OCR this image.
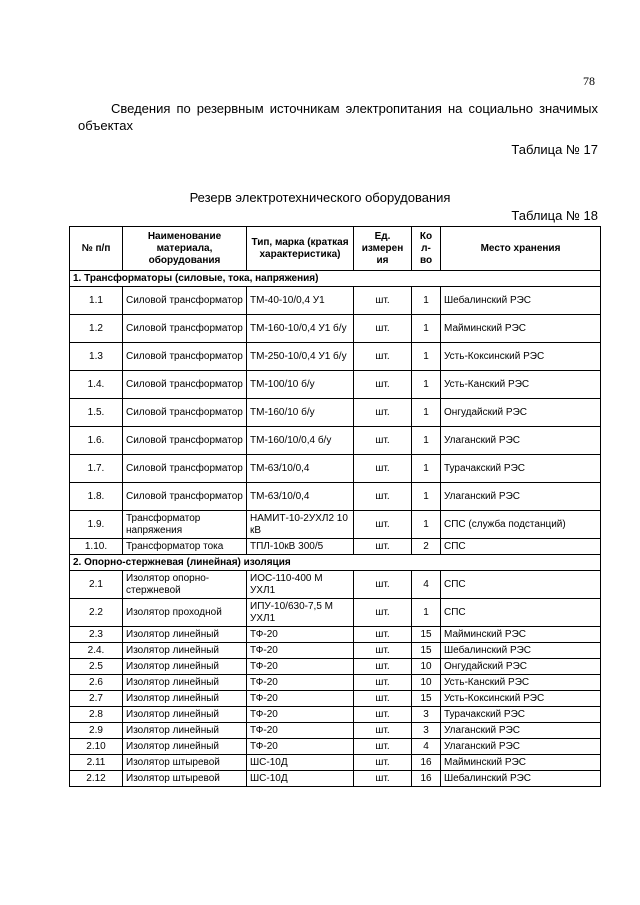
78
Сведения по резервным источникам электропитания на социально значимых объектах
Таблица № 17
Резерв электротехнического оборудования
Таблица № 18
№ п/п	Наименование материала, оборудования	Тип, марка (краткая характеристика)	Ед. измерен ия	Ко л- во	Место хранения
1. Трансформаторы (силовые, тока, напряжения)					
1.1	Силовой трансформатор	ТМ-40-10/0,4 У1	шт.	1	Шебалинский РЭС
1.2	Силовой трансформатор	ТМ-160-10/0,4 У1 б/у	шт.	1	Майминский РЭС
1.3	Силовой трансформатор	ТМ-250-10/0,4 У1 б/у	шт.	1	Усть-Коксинский РЭС
1.4.	Силовой трансформатор	ТМ-100/10 б/у	шт.	1	Усть-Канский РЭС
1.5.	Силовой трансформатор	ТМ-160/10 б/у	шт.	1	Онгудайский РЭС
1.6.	Силовой трансформатор	ТМ-160/10/0,4 б/у	шт.	1	Улаганский РЭС
1.7.	Силовой трансформатор	ТМ-63/10/0,4	шт.	1	Турачакский РЭС
1.8.	Силовой трансформатор	ТМ-63/10/0,4	шт.	1	Улаганский РЭС
1.9.	Трансформатор напряжения	НАМИТ-10-2УХЛ2 10 кВ	шт.	1	СПС (служба подстанций)
1.10.	Трансформатор тока	ТПЛ-10кВ 300/5	шт.	2	СПС
2. Опорно-стержневая (линейная) изоляция					
2.1	Изолятор опорно-стержневой	ИОС-110-400 М УХЛ1	шт.	4	СПС
2.2	Изолятор проходной	ИПУ-10/630-7,5 М УХЛ1	шт.	1	СПС
2.3	Изолятор линейный	ТФ-20	шт.	15	Майминский РЭС
2.4.	Изолятор линейный	ТФ-20	шт.	15	Шебалинский РЭС
2.5	Изолятор линейный	ТФ-20	шт.	10	Онгудайский РЭС
2.6	Изолятор линейный	ТФ-20	шт.	10	Усть-Канский РЭС
2.7	Изолятор линейный	ТФ-20	шт.	15	Усть-Коксинский РЭС
2.8	Изолятор линейный	ТФ-20	шт.	3	Турачакский РЭС
2.9	Изолятор линейный	ТФ-20	шт.	3	Улаганский РЭС
2.10	Изолятор линейный	ТФ-20	шт.	4	Улаганский РЭС
2.11	Изолятор штыревой	ШС-10Д	шт.	16	Майминский РЭС
2.12	Изолятор штыревой	ШС-10Д	шт.	16	Шебалинский РЭС
